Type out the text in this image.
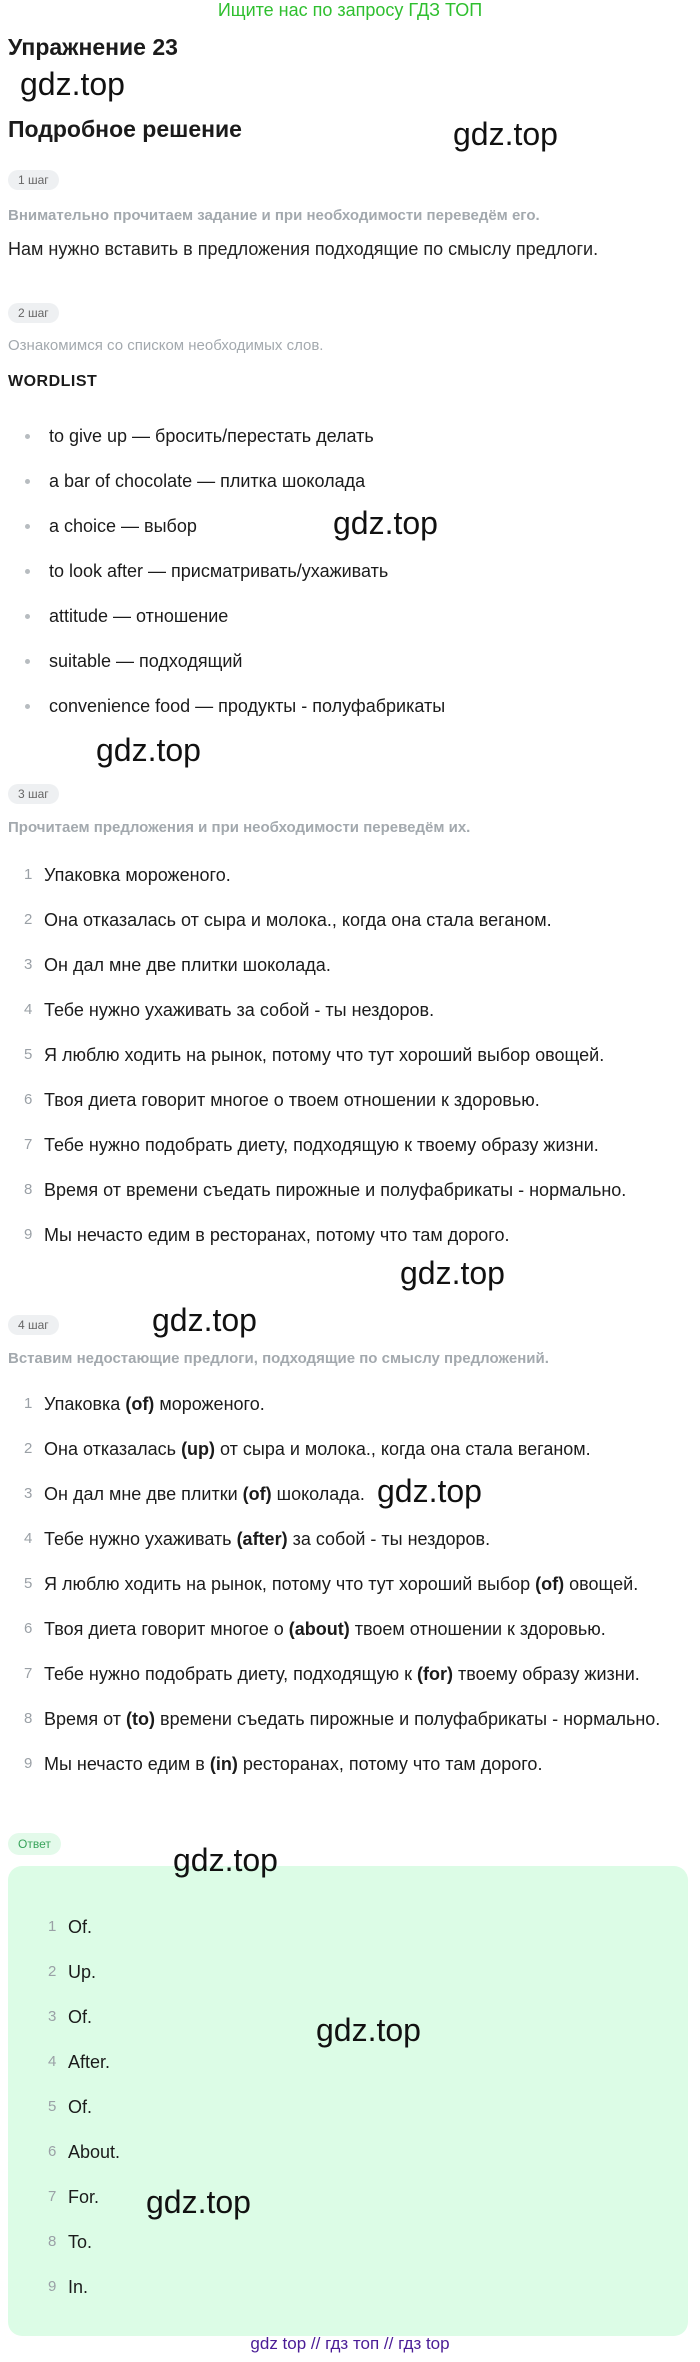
Ищите нас по запросу ГДЗ ТОП
Упражнение 23
gdz.top
Подробное решение	gdz.top
1 шаг
Внимательно прочитаем задание и при необходимости переведём его.
Нам нужно вставить в предложения подходящие по смыслу предлоги.
2 шаг
Ознакомимся со списком необходимых слов.
WORDLIST
to give up — бросить/перестать делать
a bar of chocolate — плитка шоколада
a choice — выбор
to look after — присматривать/ухаживать
attitude — отношение
suitable — подходящий
convenience food — продукты - полуфабрикаты
gdz.top
gdz.top
3 шаг
Прочитаем предложения и при необходимости переведём их.
1 Упаковка мороженого.
2 Она отказалась от сыра и молока., когда она стала веганом.
3 Он дал мне две плитки шоколада.
4 Тебе нужно ухаживать за собой - ты нездоров.
5 Я люблю ходить на рынок, потому что тут хороший выбор овощей.
6 Твоя диета говорит многое о твоем отношении к здоровью.
7 Тебе нужно подобрать диету, подходящую к твоему образу жизни.
8 Время от времени съедать пирожные и полуфабрикаты - нормально.
9 Мы нечасто едим в ресторанах, потому что там дорого.
gdz.top
4 шаг	gdz.top
Вставим недостающие предлоги, подходящие по смыслу предложений.
1 Упаковка (of) мороженого.
2 Она отказалась (up) от сыра и молока., когда она стала веганом.
3 Он дал мне две плитки (of) шоколада.
4 Тебе нужно ухаживать (after) за собой - ты нездоров.
5 Я люблю ходить на рынок, потому что тут хороший выбор (of) овощей.
6 Твоя диета говорит многое о (about) твоем отношении к здоровью.
7 Тебе нужно подобрать диету, подходящую к (for) твоему образу жизни.
8 Время от (to) времени съедать пирожные и полуфабрикаты - нормально.
9 Мы нечасто едим в (in) ресторанах, потому что там дорого.
gdz.top
Ответ	gdz.top
1 Of.
2 Up.
3 Of.
4 After.
5 Of.
6 About.
7 For.
8 To.
9 In.
gdz.top
gdz.top
gdz top // гдз топ // гдз top
